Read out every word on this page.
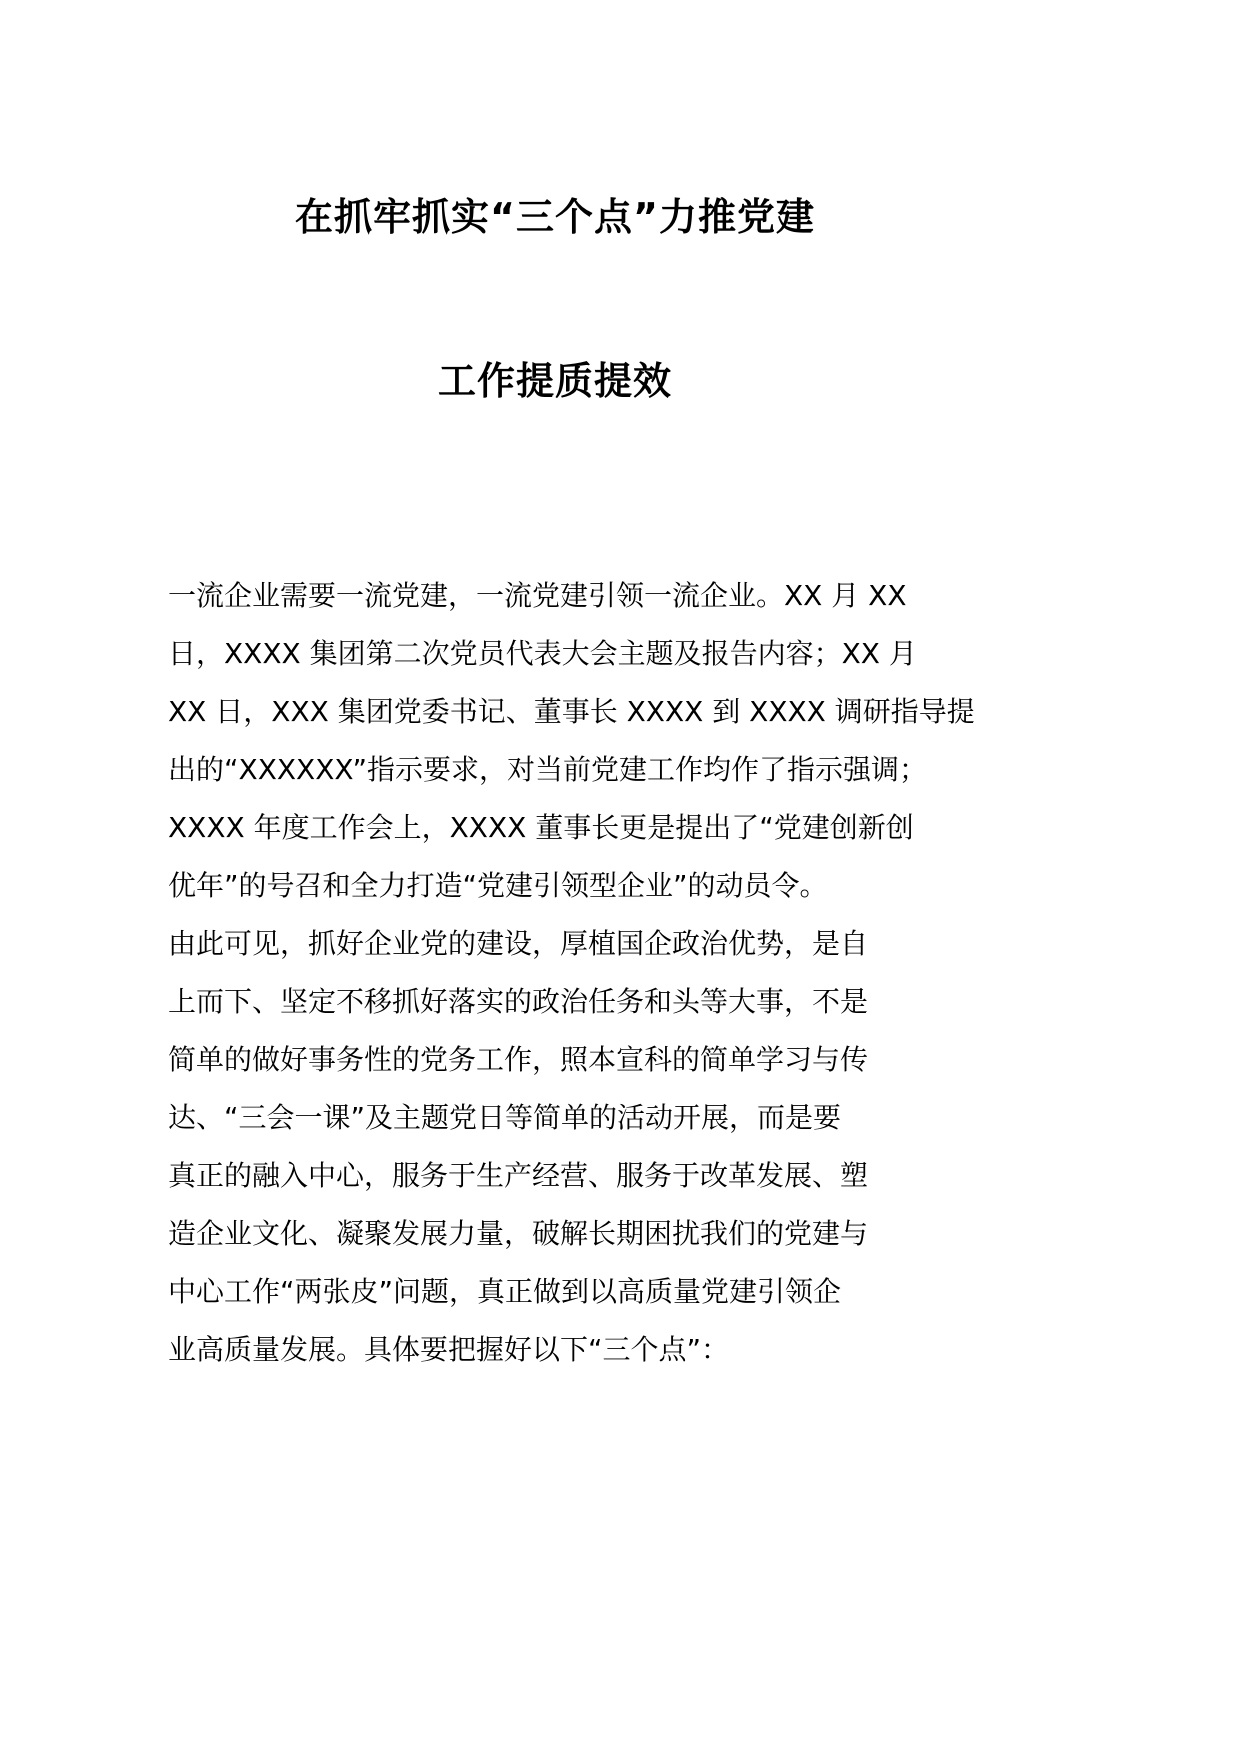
在抓牢抓实“三个点”力推党建
工作提质提效
一流企业需要一流党建，一流党建引领一流企业。XX 月 XX
日，XXXX 集团第二次党员代表大会主题及报告内容；XX 月
XX 日，XXX 集团党委书记、董事长 XXXX 到 XXXX 调研指导提
出的“XXXXXX”指示要求，对当前党建工作均作了指示强调；
XXXX 年度工作会上，XXXX 董事长更是提出了“党建创新创
优年”的号召和全力打造“党建引领型企业”的动员令。
由此可见，抓好企业党的建设，厚植国企政治优势，是自
上而下、坚定不移抓好落实的政治任务和头等大事，不是
简单的做好事务性的党务工作，照本宣科的简单学习与传
达、“三会一课”及主题党日等简单的活动开展，而是要
真正的融入中心，服务于生产经营、服务于改革发展、塑
造企业文化、凝聚发展力量，破解长期困扰我们的党建与
中心工作“两张皮”问题，真正做到以高质量党建引领企
业高质量发展。具体要把握好以下“三个点”：
